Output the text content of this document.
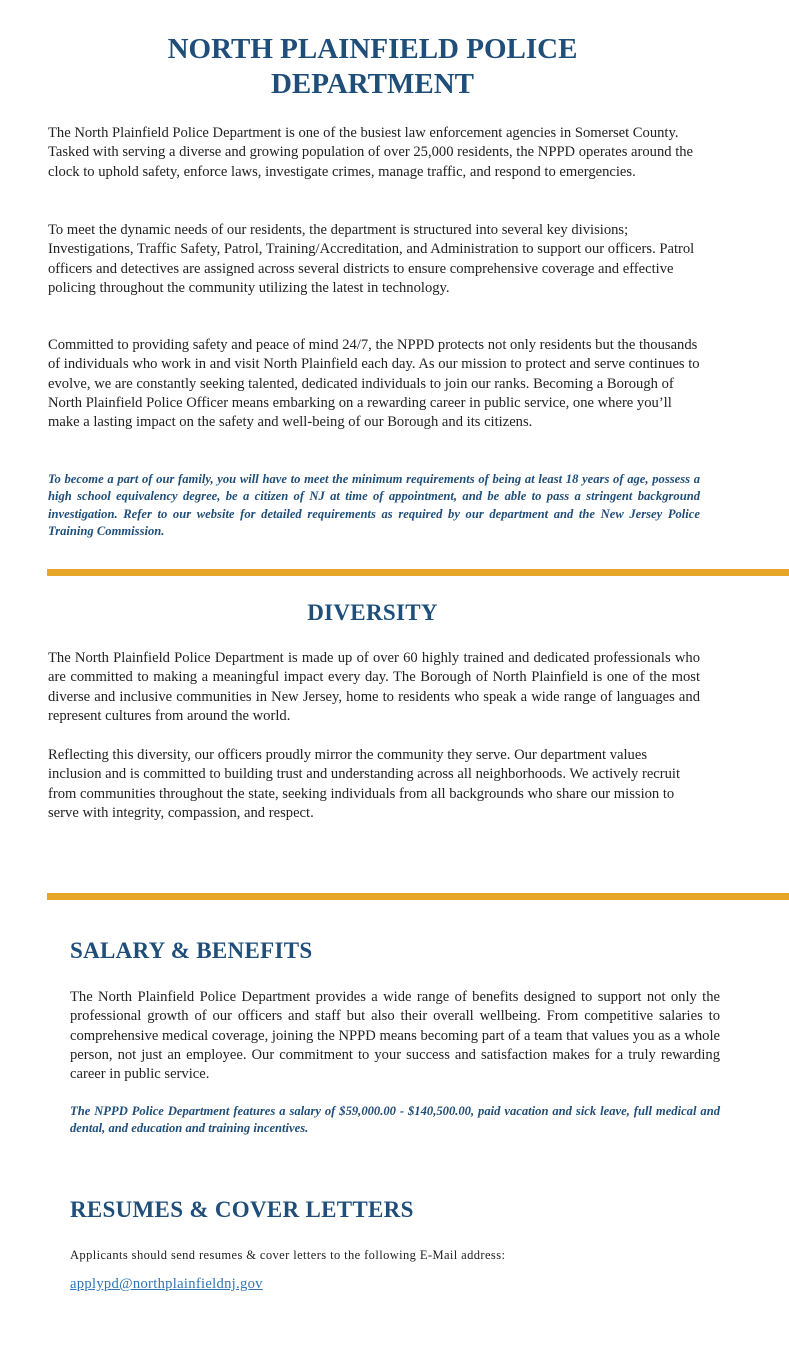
NORTH PLAINFIELD POLICE
DEPARTMENT

The North Plainfield Police Department is one of the busiest law enforcement agencies in Somerset County. Tasked with serving a diverse and growing population of over 25,000 residents, the NPPD operates around the clock to uphold safety, enforce laws, investigate crimes, manage traffic, and respond to emergencies.

To meet the dynamic needs of our residents, the department is structured into several key divisions; Investigations, Traffic Safety, Patrol, Training/Accreditation, and Administration to support our officers. Patrol officers and detectives are assigned across several districts to ensure comprehensive coverage and effective policing throughout the community utilizing the latest in technology.

Committed to providing safety and peace of mind 24/7, the NPPD protects not only residents but the thousands of individuals who work in and visit North Plainfield each day. As our mission to protect and serve continues to evolve, we are constantly seeking talented, dedicated individuals to join our ranks. Becoming a Borough of North Plainfield Police Officer means embarking on a rewarding career in public service, one where you’ll make a lasting impact on the safety and well-being of our Borough and its citizens.

To become a part of our family, you will have to meet the minimum requirements of being at least 18 years of age, possess a high school equivalency degree, be a citizen of NJ at time of appointment, and be able to pass a stringent background investigation. Refer to our website for detailed requirements as required by our department and the New Jersey Police Training Commission.

DIVERSITY

The North Plainfield Police Department is made up of over 60 highly trained and dedicated professionals who are committed to making a meaningful impact every day. The Borough of North Plainfield is one of the most diverse and inclusive communities in New Jersey, home to residents who speak a wide range of languages and represent cultures from around the world.

Reflecting this diversity, our officers proudly mirror the community they serve. Our department values inclusion and is committed to building trust and understanding across all neighborhoods. We actively recruit from communities throughout the state, seeking individuals from all backgrounds who share our mission to serve with integrity, compassion, and respect.

SALARY & BENEFITS

The North Plainfield Police Department provides a wide range of benefits designed to support not only the professional growth of our officers and staff but also their overall wellbeing. From competitive salaries to comprehensive medical coverage, joining the NPPD means becoming part of a team that values you as a whole person, not just an employee. Our commitment to your success and satisfaction makes for a truly rewarding career in public service.

The NPPD Police Department features a salary of $59,000.00 - $140,500.00, paid vacation and sick leave, full medical and dental, and education and training incentives.

RESUMES & COVER LETTERS

Applicants should send resumes & cover letters to the following E-Mail address:

applypd@northplainfieldnj.gov
